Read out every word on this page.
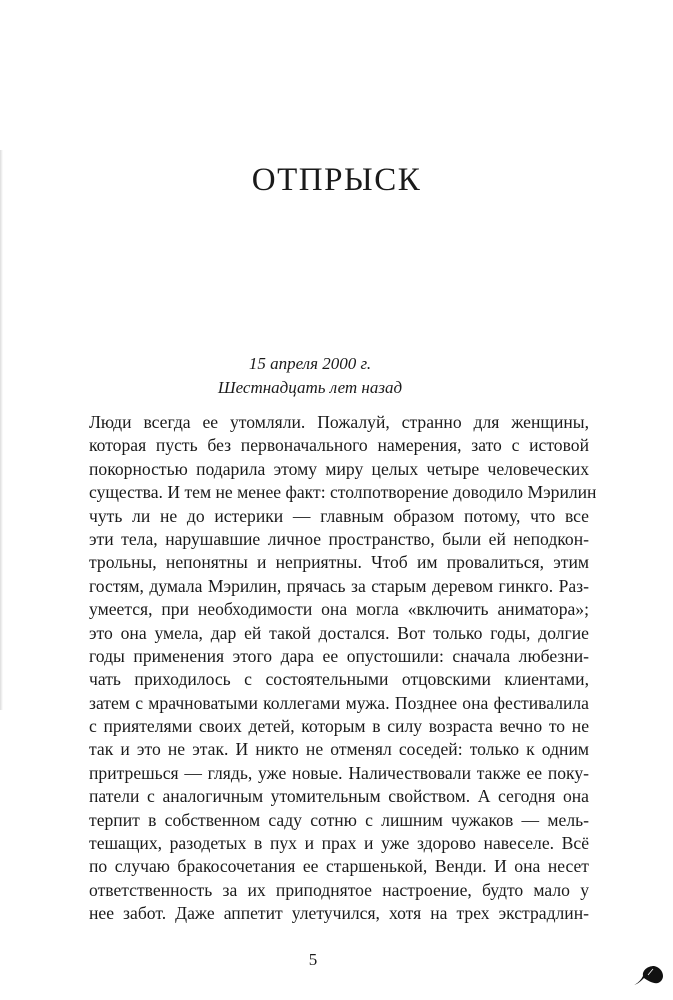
ОТПРЫСК
15 апреля 2000 г.
Шестнадцать лет назад
Люди всегда ее утомляли. Пожалуй, странно для женщины,
которая пусть без первоначального намерения, зато с истовой
покорностью подарила этому миру целых четыре человеческих
существа. И тем не менее факт: столпотворение доводило Мэрилин
чуть ли не до истерики — главным образом потому, что все
эти тела, нарушавшие личное пространство, были ей неподкон-
трольны, непонятны и неприятны. Чтоб им провалиться, этим
гостям, думала Мэрилин, прячась за старым деревом гинкго. Раз-
умеется, при необходимости она могла «включить аниматора»;
это она умела, дар ей такой достался. Вот только годы, долгие
годы применения этого дара ее опустошили: сначала любезни-
чать приходилось с состоятельными отцовскими клиентами,
затем с мрачноватыми коллегами мужа. Позднее она фестивалила
с приятелями своих детей, которым в силу возраста вечно то не
так и это не этак. И никто не отменял соседей: только к одним
притрешься — глядь, уже новые. Наличествовали также ее поку-
патели с аналогичным утомительным свойством. А сегодня она
терпит в собственном саду сотню с лишним чужаков — мель-
тешащих, разодетых в пух и прах и уже здорово навеселе. Всё
по случаю бракосочетания ее старшенькой, Венди. И она несет
ответственность за их приподнятое настроение, будто мало у
нее забот. Даже аппетит улетучился, хотя на трех экстрадлин-
5
